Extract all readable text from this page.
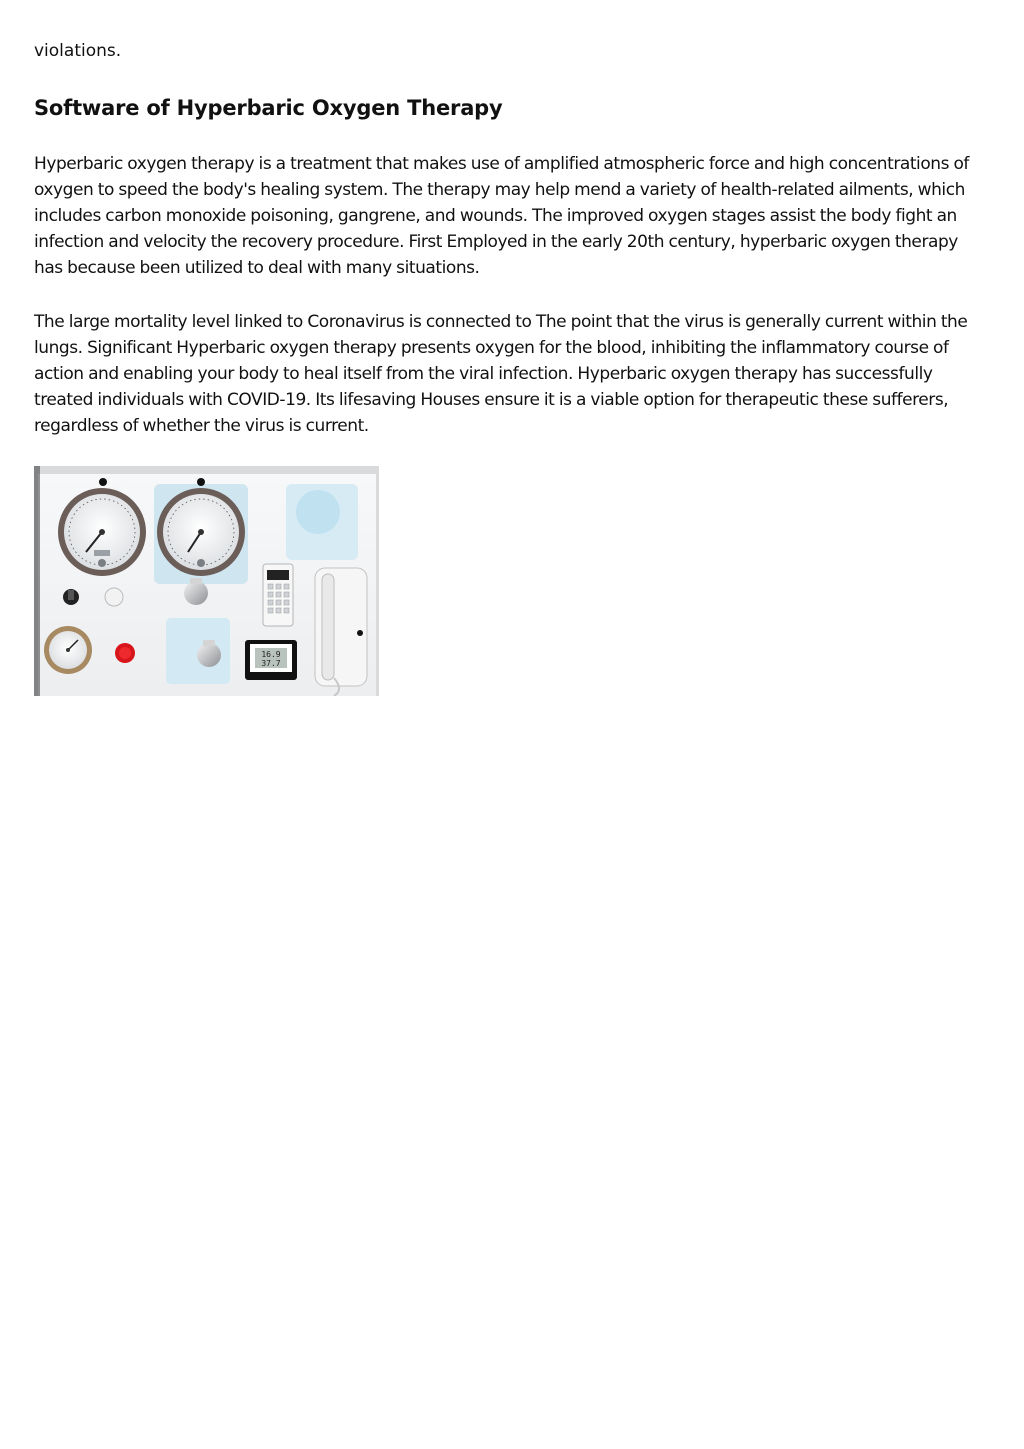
violations.

Software of Hyperbaric Oxygen Therapy

Hyperbaric oxygen therapy is a treatment that makes use of amplified atmospheric force and high concentrations of oxygen to speed the body's healing system. The therapy may help mend a variety of health-related ailments, which includes carbon monoxide poisoning, gangrene, and wounds. The improved oxygen stages assist the body fight an infection and velocity the recovery procedure. First Employed in the early 20th century, hyperbaric oxygen therapy has because been utilized to deal with many situations.

The large mortality level linked to Coronavirus is connected to The point that the virus is generally current within the lungs. Significant Hyperbaric oxygen therapy presents oxygen for the blood, inhibiting the inflammatory course of action and enabling your body to heal itself from the viral infection. Hyperbaric oxygen therapy has successfully treated individuals with COVID-19. Its lifesaving Houses ensure it is a viable option for therapeutic these sufferers, regardless of whether the virus is current.

16.9
37.7
